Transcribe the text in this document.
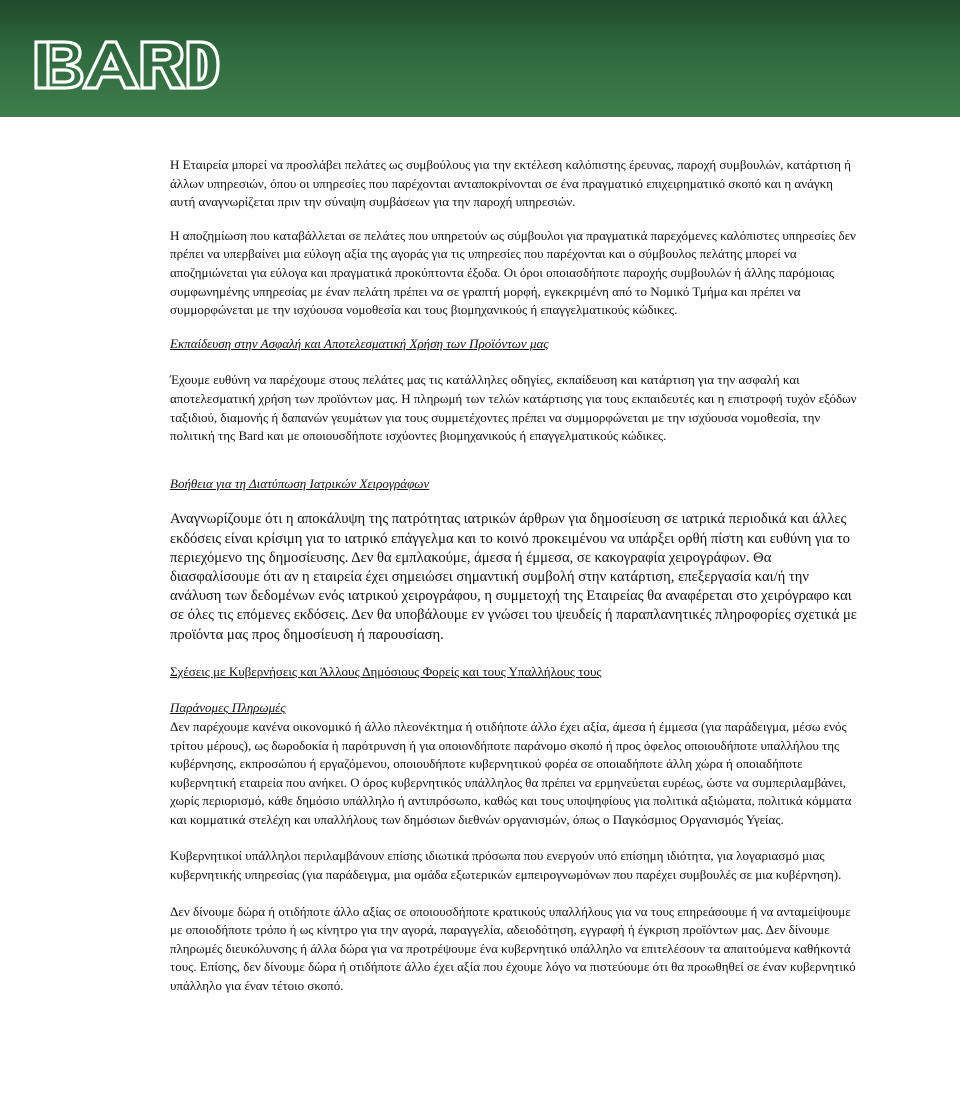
Η Εταιρεία μπορεί να προσλάβει πελάτες ως συμβούλους για την εκτέλεση καλόπιστης έρευνας, παροχή συμβουλών, κατάρτιση ή άλλων υπηρεσιών, όπου οι υπηρεσίες που παρέχονται ανταποκρίνονται σε ένα πραγματικό επιχειρηματικό σκοπό και η ανάγκη αυτή αναγνωρίζεται πριν την σύναψη συμβάσεων για την παροχή υπηρεσιών.

Η αποζημίωση που καταβάλλεται σε πελάτες που υπηρετούν ως σύμβουλοι για πραγματικά παρεχόμενες καλόπιστες υπηρεσίες δεν πρέπει να υπερβαίνει μια εύλογη αξία της αγοράς για τις υπηρεσίες που παρέχονται και ο σύμβουλος πελάτης μπορεί να αποζημιώνεται για εύλογα και πραγματικά προκύπτοντα έξοδα. Οι όροι οποιασδήποτε παροχής συμβουλών ή άλλης παρόμοιας συμφωνημένης υπηρεσίας με έναν πελάτη πρέπει να σε γραπτή μορφή, εγκεκριμένη από το Νομικό Τμήμα και πρέπει να συμμορφώνεται με την ισχύουσα νομοθεσία και τους βιομηχανικούς ή επαγγελματικούς κώδικες.

Εκπαίδευση στην Ασφαλή και Αποτελεσματική Χρήση των Προϊόντων μας

Έχουμε ευθύνη να παρέχουμε στους πελάτες μας τις κατάλληλες οδηγίες, εκπαίδευση και κατάρτιση για την ασφαλή και αποτελεσματική χρήση των προϊόντων μας. Η πληρωμή των τελών κατάρτισης για τους εκπαιδευτές και η επιστροφή τυχόν εξόδων ταξιδιού, διαμονής ή δαπανών γευμάτων για τους συμμετέχοντες πρέπει να συμμορφώνεται με την ισχύουσα νομοθεσία, την πολιτική της Bard και με οποιουσδήποτε ισχύοντες βιομηχανικούς ή επαγγελματικούς κώδικες.

Βοήθεια για τη Διατύπωση Ιατρικών Χειρογράφων

Αναγνωρίζουμε ότι η αποκάλυψη της πατρότητας ιατρικών άρθρων για δημοσίευση σε ιατρικά περιοδικά και άλλες εκδόσεις είναι κρίσιμη για το ιατρικό επάγγελμα και το κοινό προκειμένου να υπάρξει ορθή πίστη και ευθύνη για το περιεχόμενο της δημοσίευσης. Δεν θα εμπλακούμε, άμεσα ή έμμεσα, σε κακογραφία χειρογράφων. Θα διασφαλίσουμε ότι αν η εταιρεία έχει σημειώσει σημαντική συμβολή στην κατάρτιση, επεξεργασία και/ή την ανάλυση των δεδομένων ενός ιατρικού χειρογράφου, η συμμετοχή της Εταιρείας θα αναφέρεται στο χειρόγραφο και σε όλες τις επόμενες εκδόσεις. Δεν θα υποβάλουμε εν γνώσει του ψευδείς ή παραπλανητικές πληροφορίες σχετικά με προϊόντα μας προς δημοσίευση ή παρουσίαση.

Σχέσεις με Κυβερνήσεις και Άλλους Δημόσιους Φορείς και τους Υπαλλήλους τους

Παράνομες Πληρωμές

Δεν παρέχουμε κανένα οικονομικό ή άλλο πλεονέκτημα ή οτιδήποτε άλλο έχει αξία, άμεσα ή έμμεσα (για παράδειγμα, μέσω ενός τρίτου μέρους), ως δωροδοκία ή παρότρυνση ή για οποιονδήποτε παράνομο σκοπό ή προς όφελος οποιουδήποτε υπαλλήλου της κυβέρνησης, εκπροσώπου ή εργαζόμενου, οποιουδήποτε κυβερνητικού φορέα σε οποιαδήποτε άλλη χώρα ή οποιαδήποτε κυβερνητική εταιρεία που ανήκει. Ο όρος κυβερνητικός υπάλληλος θα πρέπει να ερμηνεύεται ευρέως, ώστε να συμπεριλαμβάνει, χωρίς περιορισμό, κάθε δημόσιο υπάλληλο ή αντιπρόσωπο, καθώς και τους υποψηφίους για πολιτικά αξιώματα, πολιτικά κόμματα και κομματικά στελέχη και υπαλλήλους των δημόσιων διεθνών οργανισμών, όπως ο Παγκόσμιος Οργανισμός Υγείας.

Κυβερνητικοί υπάλληλοι περιλαμβάνουν επίσης ιδιωτικά πρόσωπα που ενεργούν υπό επίσημη ιδιότητα, για λογαριασμό μιας κυβερνητικής υπηρεσίας (για παράδειγμα, μια ομάδα εξωτερικών εμπειρογνωμόνων που παρέχει συμβουλές σε μια κυβέρνηση).

Δεν δίνουμε δώρα ή οτιδήποτε άλλο αξίας σε οποιουσδήποτε κρατικούς υπαλλήλους για να τους επηρεάσουμε ή να ανταμείψουμε με οποιοδήποτε τρόπο ή ως κίνητρο για την αγορά, παραγγελία, αδειοδότηση, εγγραφή ή έγκριση προϊόντων μας. Δεν δίνουμε πληρωμές διευκόλυνσης ή άλλα δώρα για να προτρέψουμε ένα κυβερνητικό υπάλληλο να επιτελέσουν τα απαιτούμενα καθήκοντά τους. Επίσης, δεν δίνουμε δώρα ή οτιδήποτε άλλο έχει αξία που έχουμε λόγο να πιστεύουμε ότι θα προωθηθεί σε έναν κυβερνητικό υπάλληλο για έναν τέτοιο σκοπό.
